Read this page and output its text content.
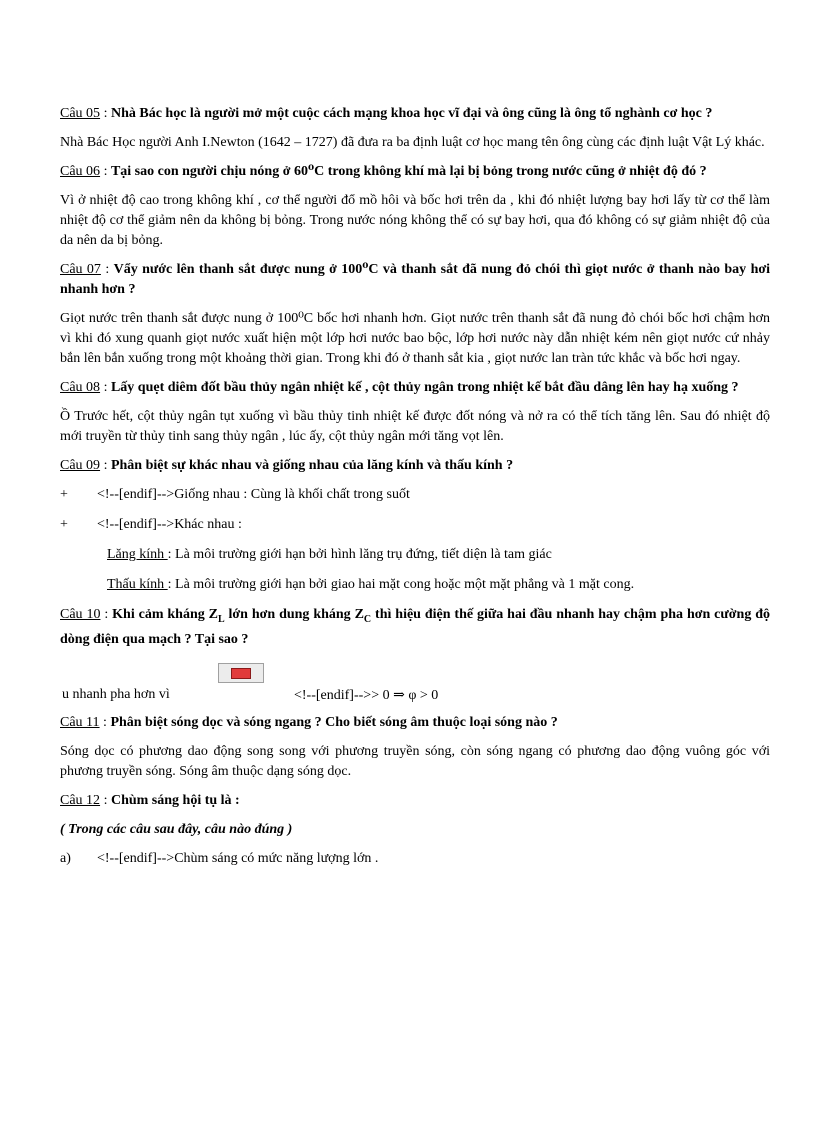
Câu 05 : Nhà Bác học là người mở một cuộc cách mạng khoa học vĩ đại và ông cũng là ông tổ nghành cơ học ?

Nhà Bác Học người Anh I.Newton (1642 – 1727) đã đưa ra ba định luật cơ học mang tên ông cùng các định luật Vật Lý khác.

Câu 06 : Tại sao con người chịu nóng ở 60⁰C trong không khí mà lại bị bỏng trong nước cũng ở nhiệt độ đó ?

Vì ở nhiệt độ cao trong không khí , cơ thể người đổ mồ hôi và bốc hơi trên da , khi đó nhiệt lượng bay hơi lấy từ cơ thể làm nhiệt độ cơ thể giảm nên da không bị bỏng. Trong nước nóng không thể có sự bay hơi, qua đó không có sự giảm nhiệt độ của da nên da bị bỏng.

Câu 07 : Vẩy nước lên thanh sắt được nung ở 100⁰C và thanh sắt đã nung đỏ chói thì giọt nước ở thanh nào bay hơi nhanh hơn ?

Giọt nước trên thanh sắt được nung ở 100⁰C bốc hơi nhanh hơn. Giọt nước trên thanh sắt đã nung đỏ chói bốc hơi chậm hơn vì khi đó xung quanh giọt nước xuất hiện một lớp hơi nước bao bộc, lớp hơi nước này dẫn nhiệt kém nên giọt nước cứ nhảy bắn lên bắn xuống trong một khoảng thời gian. Trong khi đó ở thanh sắt kia , giọt nước lan tràn tức khắc và bốc hơi ngay.

Câu 08 : Lấy quẹt diêm đốt bầu thủy ngân nhiệt kế , cột thủy ngân trong nhiệt kế bắt đầu dâng lên hay hạ xuống ?

Ồ Trước hết, cột thủy ngân tụt xuống vì bầu thủy tinh nhiệt kế được đốt nóng và nở ra có thể tích tăng lên. Sau đó nhiệt độ mới truyền từ thủy tinh sang thủy ngân , lúc ấy, cột thủy ngân mới tăng vọt lên.

Câu 09 : Phân biệt sự khác nhau và giống nhau của lăng kính và thấu kính ?

+	<!--[endif]-->Giống nhau : Cùng là khối chất trong suốt
+	<!--[endif]-->Khác nhau :

Lăng kính : Là môi trường giới hạn bởi hình lăng trụ đứng, tiết diện là tam giác

Thấu kính : Là môi trường giới hạn bởi giao hai mặt cong hoặc một mặt phẳng và 1 mặt cong.

Câu 10 : Khi cảm kháng $Z_L$ lớn hơn dung kháng $Z_C$ thì hiệu điện thế giữa hai đầu nhanh hay chậm pha hơn cường độ dòng điện qua mạch ? Tại sao ?

u nhanh pha hơn vì	<!--[endif]-->> 0 ⇒ φ > 0

Câu 11 : Phân biệt sóng dọc và sóng ngang ? Cho biết sóng âm thuộc loại sóng nào ?

Sóng dọc có phương dao động song song với phương truyền sóng, còn sóng ngang có phương dao động vuông góc với phương truyền sóng. Sóng âm thuộc dạng sóng dọc.

Câu 12 : Chùm sáng hội tụ là :

( Trong các câu sau đây, câu nào đúng )

a)	<!--[endif]-->Chùm sáng có mức năng lượng lớn .
